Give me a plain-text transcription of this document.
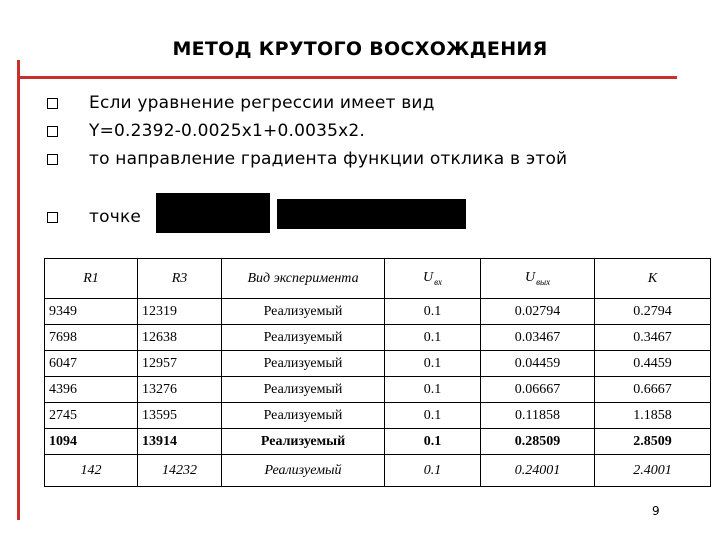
МЕТОД КРУТОГО ВОСХОЖДЕНИЯ
Если уравнение регрессии имеет вид
Y=0.2392-0.0025x1+0.0035x2.
то направление градиента функции отклика в этой
точке
R1	R3	Вид эксперимента	$U_{вх}$	$U_{вых}$	K
9349	12319	Реализуемый	0.1	0.02794	0.2794
7698	12638	Реализуемый	0.1	0.03467	0.3467
6047	12957	Реализуемый	0.1	0.04459	0.4459
4396	13276	Реализуемый	0.1	0.06667	0.6667
2745	13595	Реализуемый	0.1	0.11858	1.1858
1094	13914	Реализуемый	0.1	0.28509	2.8509
142	14232	Реализуемый	0.1	0.24001	2.4001
9
